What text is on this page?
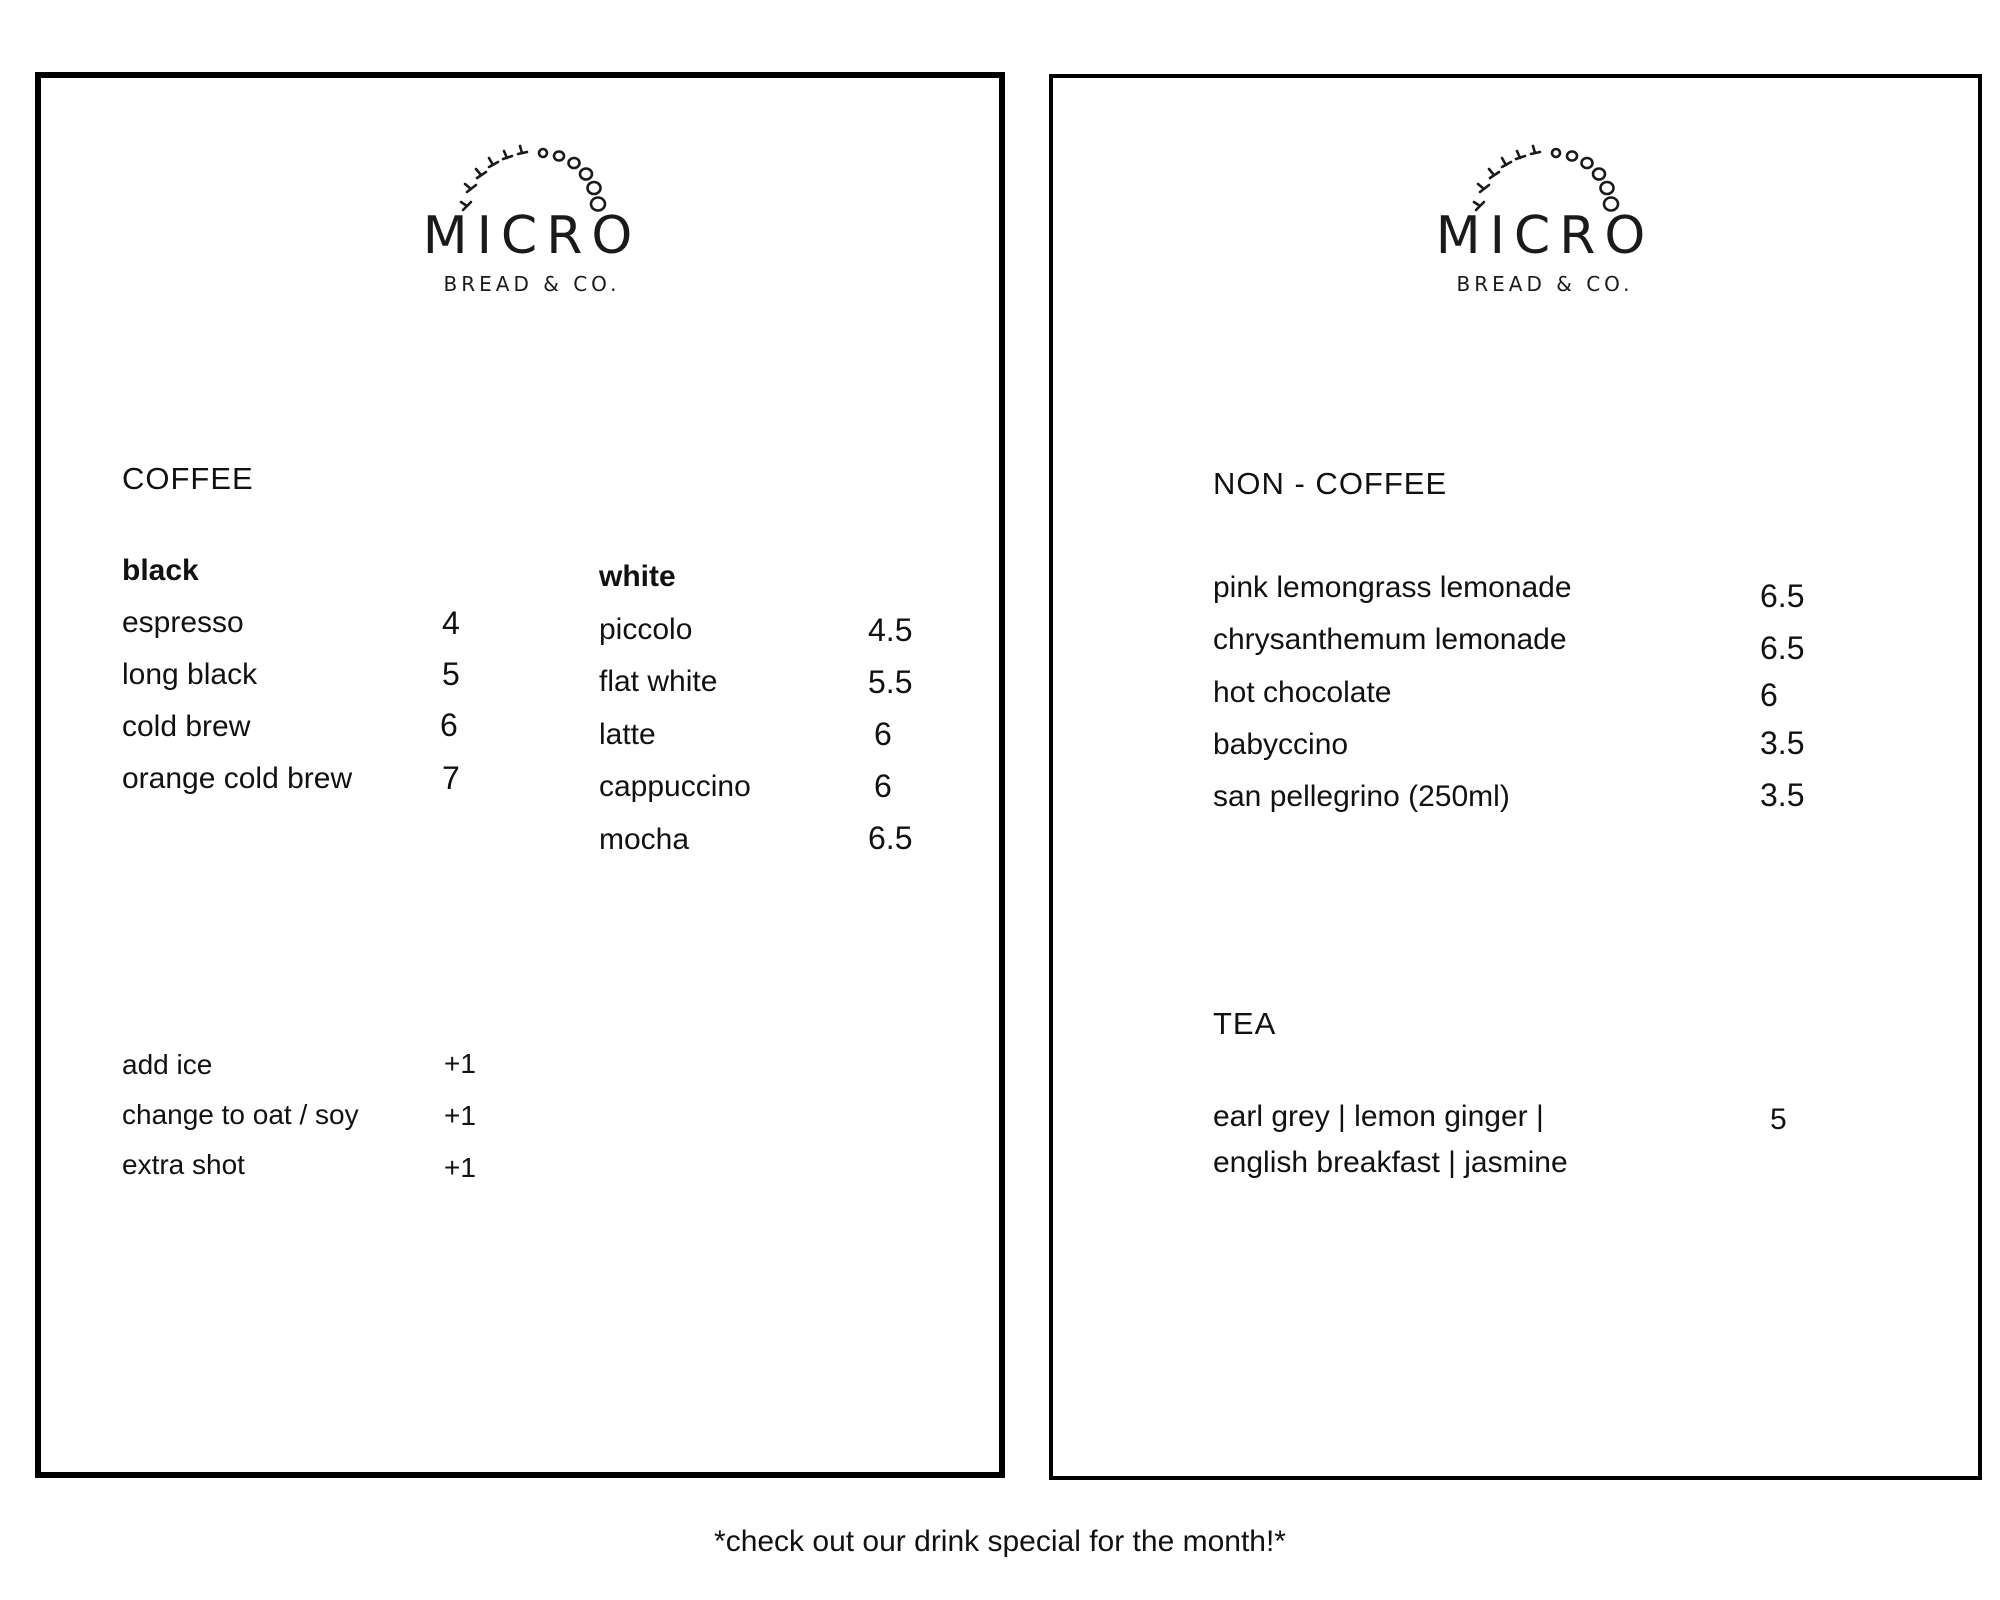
MICRO
BREAD & CO.
COFFEE
black
espresso	4
long black	5
cold brew	6
orange cold brew	7
white
piccolo	4.5
flat white	5.5
latte	6
cappuccino	6
mocha	6.5
add ice	+1
change to oat / soy	+1
extra shot	+1
MICRO
BREAD & CO.
NON - COFFEE
pink lemongrass lemonade	6.5
chrysanthemum lemonade	6.5
hot chocolate	6
babyccino	3.5
san pellegrino (250ml)	3.5
TEA
earl grey | lemon ginger |
english breakfast | jasmine
5
*check out our drink special for the month!*
